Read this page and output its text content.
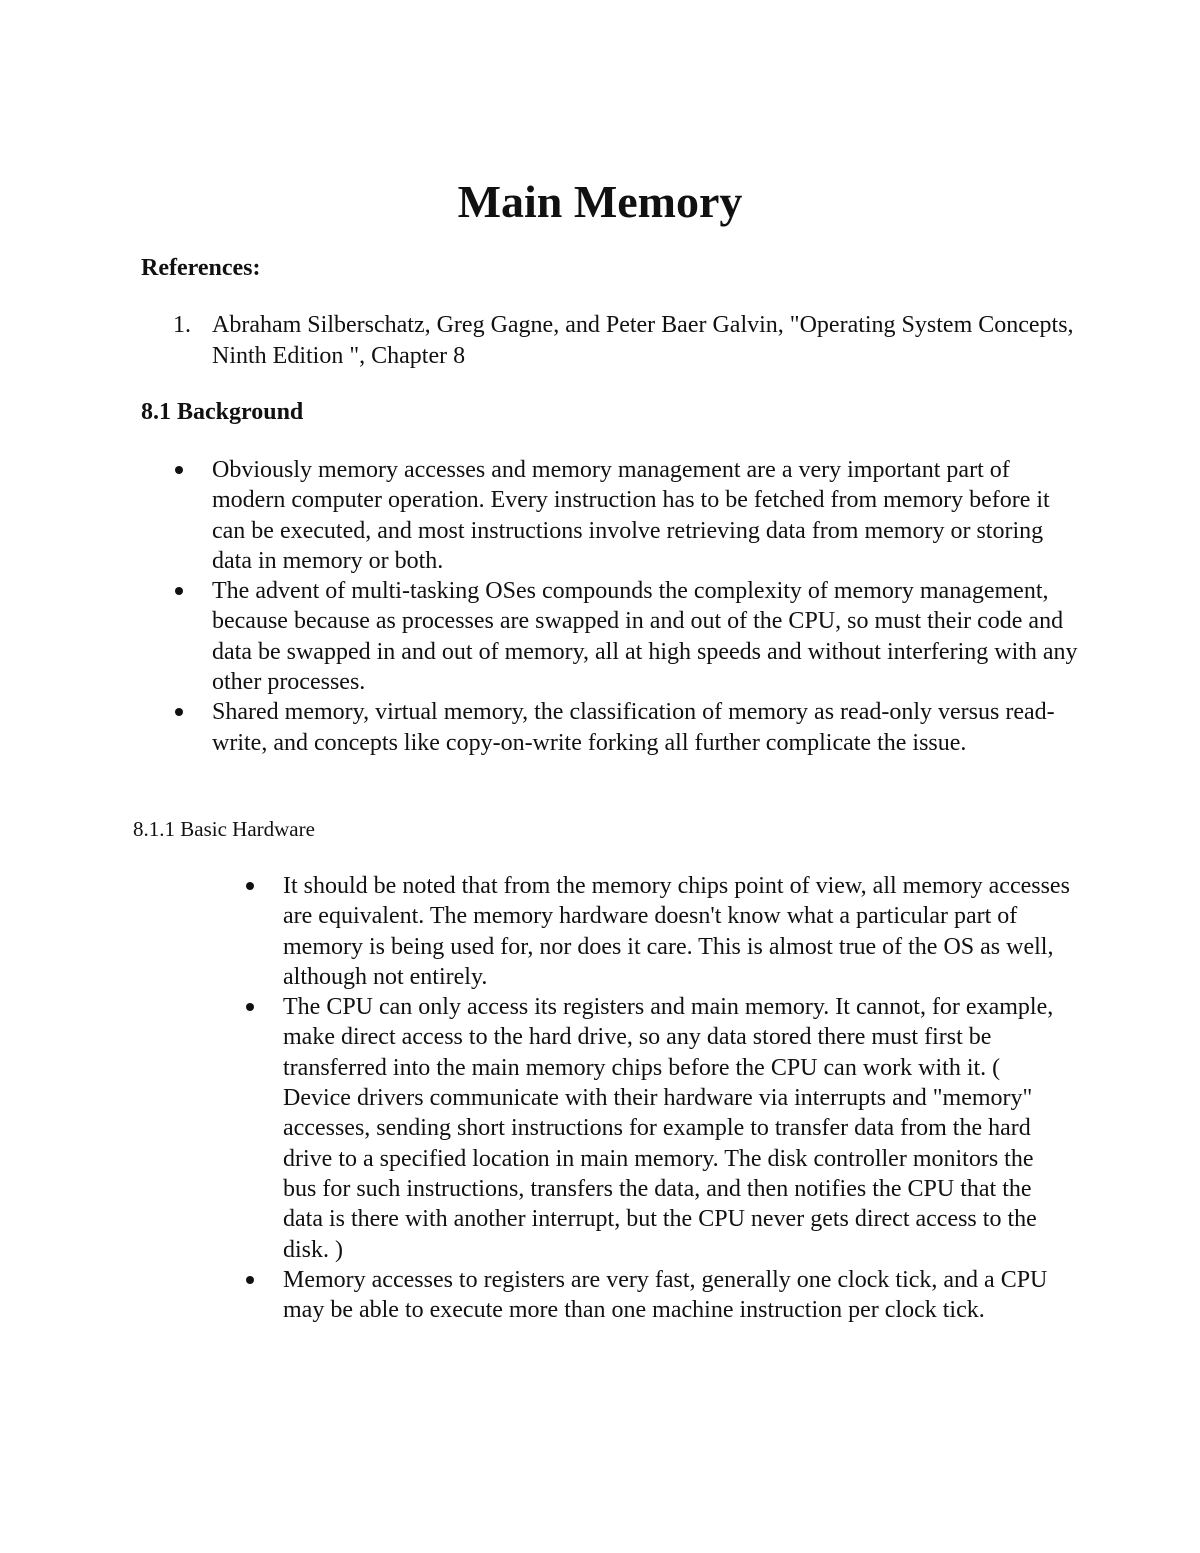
Main Memory

References:

1. Abraham Silberschatz, Greg Gagne, and Peter Baer Galvin, "Operating System Concepts, Ninth Edition ", Chapter 8
8.1 Background
Obviously memory accesses and memory management are a very important part of modern computer operation. Every instruction has to be fetched from memory before it can be executed, and most instructions involve retrieving data from memory or storing data in memory or both.
The advent of multi-tasking OSes compounds the complexity of memory management, because because as processes are swapped in and out of the CPU, so must their code and data be swapped in and out of memory, all at high speeds and without interfering with any other processes.
Shared memory, virtual memory, the classification of memory as read-only versus read-write, and concepts like copy-on-write forking all further complicate the issue.
8.1.1 Basic Hardware
It should be noted that from the memory chips point of view, all memory accesses are equivalent. The memory hardware doesn't know what a particular part of memory is being used for, nor does it care. This is almost true of the OS as well, although not entirely.
The CPU can only access its registers and main memory. It cannot, for example, make direct access to the hard drive, so any data stored there must first be transferred into the main memory chips before the CPU can work with it. ( Device drivers communicate with their hardware via interrupts and "memory" accesses, sending short instructions for example to transfer data from the hard drive to a specified location in main memory. The disk controller monitors the bus for such instructions, transfers the data, and then notifies the CPU that the data is there with another interrupt, but the CPU never gets direct access to the disk. )
Memory accesses to registers are very fast, generally one clock tick, and a CPU may be able to execute more than one machine instruction per clock tick.
